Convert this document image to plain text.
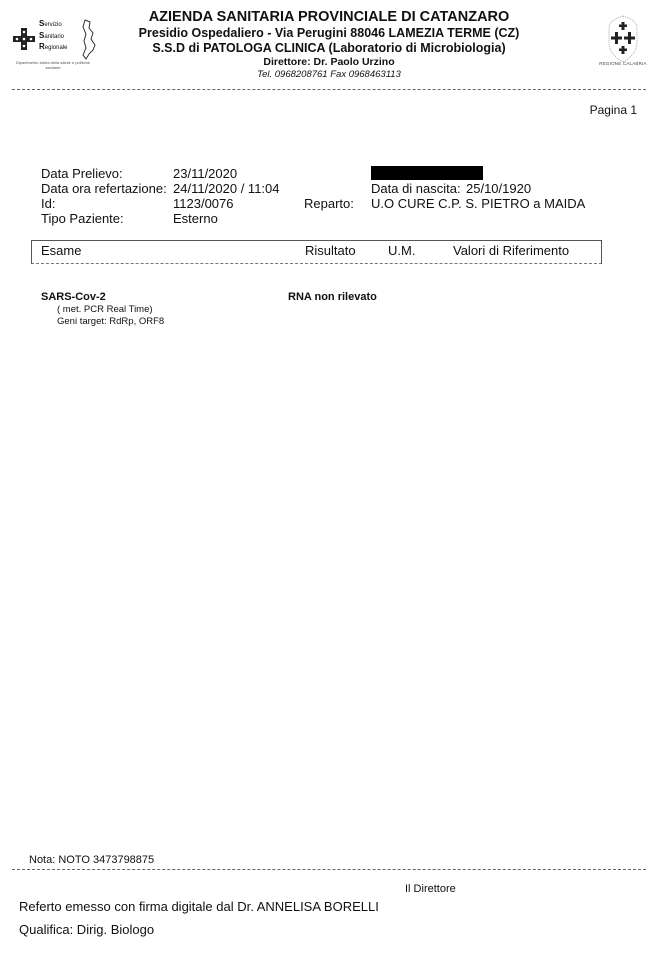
Servizio
Sanitario
Regionale
Dipartimento tutela della salute e politiche sanitarie
AZIENDA SANITARIA PROVINCIALE DI CATANZARO
Presidio Ospedaliero - Via Perugini 88046 LAMEZIA TERME (CZ)
S.S.D di PATOLOGA CLINICA (Laboratorio di Microbiologia)
Direttore: Dr. Paolo Urzino
Tel. 0968208761 Fax 0968463113
REGIONE CALABRIA
Pagina 1
Data Prelievo:	23/11/2020
Data ora refertazione: 24/11/2020 / 11:04
Id:	1123/0076
Tipo Paziente:	Esterno
Data di nascita: 25/10/1920
Reparto: U.O CURE C.P. S. PIETRO a MAIDA
Esame	Risultato U.M.	Valori di Riferimento
SARS-Cov-2
( met. PCR Real Time)
Geni target: RdRp, ORF8
RNA non rilevato
Nota: NOTO 3473798875
Il Direttore
Referto emesso con firma digitale dal Dr. ANNELISA BORELLI
Qualifica: Dirig. Biologo
